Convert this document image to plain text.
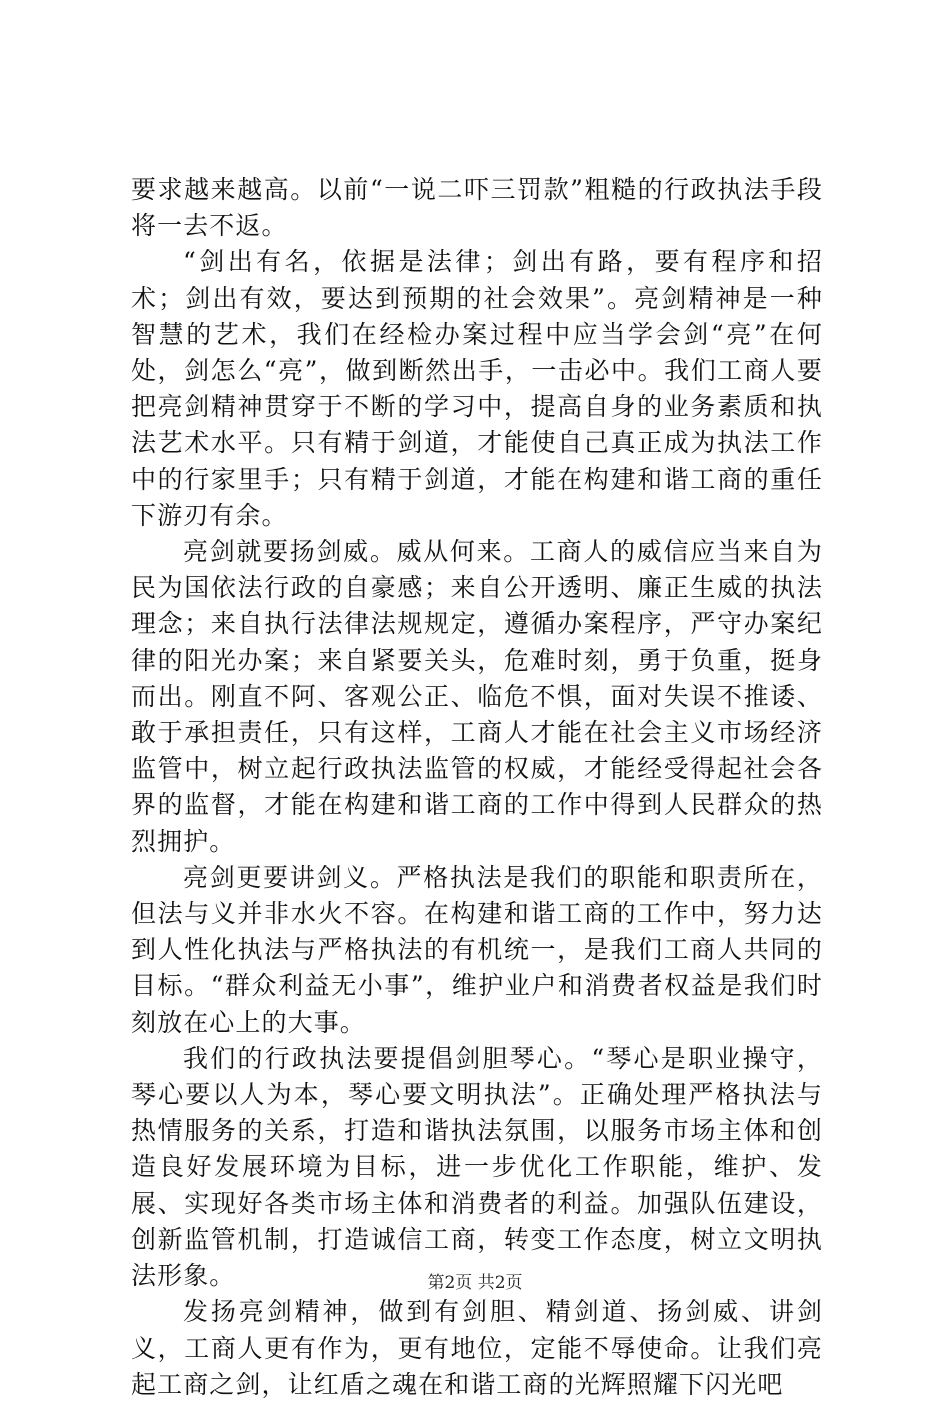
要求越来越高。以前“一说二吓三罚款”粗糙的行政执法手段将一去不返。

“剑出有名，依据是法律；剑出有路，要有程序和招术；剑出有效，要达到预期的社会效果”。亮剑精神是一种智慧的艺术，我们在经检办案过程中应当学会剑“亮”在何处，剑怎么“亮”，做到断然出手，一击必中。我们工商人要把亮剑精神贯穿于不断的学习中，提高自身的业务素质和执法艺术水平。只有精于剑道，才能使自己真正成为执法工作中的行家里手；只有精于剑道，才能在构建和谐工商的重任下游刃有余。

亮剑就要扬剑威。威从何来。工商人的威信应当来自为民为国依法行政的自豪感；来自公开透明、廉正生威的执法理念；来自执行法律法规规定，遵循办案程序，严守办案纪律的阳光办案；来自紧要关头，危难时刻，勇于负重，挺身而出。刚直不阿、客观公正、临危不惧，面对失误不推诿、敢于承担责任，只有这样，工商人才能在社会主义市场经济监管中，树立起行政执法监管的权威，才能经受得起社会各界的监督，才能在构建和谐工商的工作中得到人民群众的热烈拥护。

亮剑更要讲剑义。严格执法是我们的职能和职责所在，但法与义并非水火不容。在构建和谐工商的工作中，努力达到人性化执法与严格执法的有机统一，是我们工商人共同的目标。“群众利益无小事”，维护业户和消费者权益是我们时刻放在心上的大事。

我们的行政执法要提倡剑胆琴心。“琴心是职业操守，琴心要以人为本，琴心要文明执法”。正确处理严格执法与热情服务的关系，打造和谐执法氛围，以服务市场主体和创造良好发展环境为目标，进一步优化工作职能，维护、发展、实现好各类市场主体和消费者的利益。加强队伍建设，创新监管机制，打造诚信工商，转变工作态度，树立文明执法形象。

发扬亮剑精神，做到有剑胆、精剑道、扬剑威、讲剑义，工商人更有作为，更有地位，定能不辱使命。让我们亮起工商之剑，让红盾之魂在和谐工商的光辉照耀下闪光吧

第2页 共2页
